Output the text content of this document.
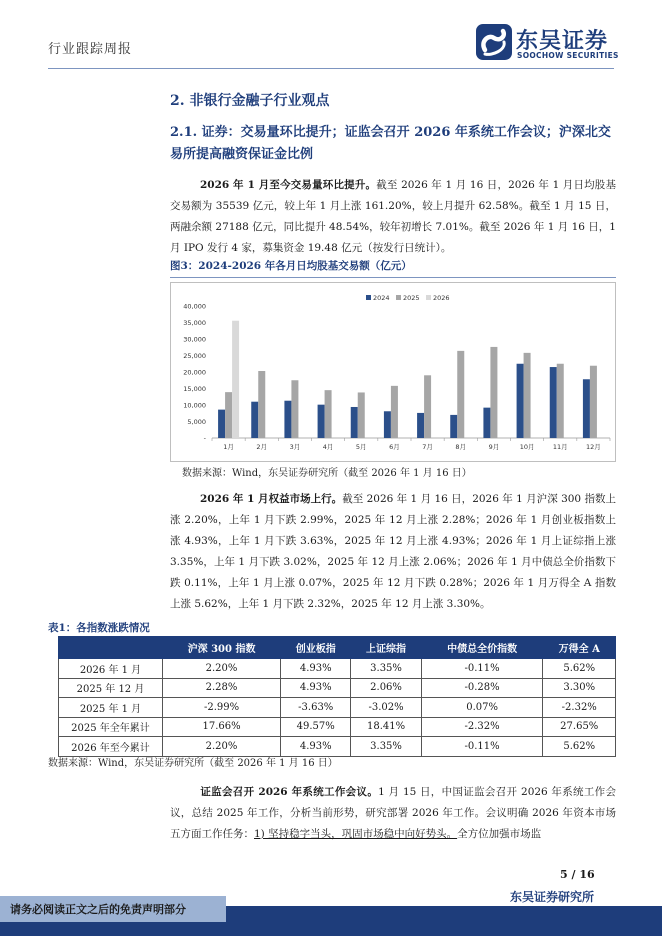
行业跟踪周报	东吴证券
SOOCHOW SECURITIES
2. 非银行金融子行业观点
2.1. 证券：交易量环比提升；证监会召开 2026 年系统工作会议；沪深北交易所提高融资保证金比例
2026 年 1 月至今交易量环比提升。截至 2026 年 1 月 16 日，2026 年 1 月日均股基交易额为 35539 亿元，较上年 1 月上涨 161.20%，较上月提升 62.58%。截至 1 月 15 日，两融余额 27188 亿元，同比提升 48.54%，较年初增长 7.01%。截至 2026 年 1 月 16 日，1 月 IPO 发行 4 家，募集资金 19.48 亿元（按发行日统计）。
图3：2024-2026 年各月日均股基交易额（亿元）
-
5,000
10,000
15,000
20,000
25,000
30,000
35,000
40,000
1月	2月	3月	4月	5月	6月	7月	8月	9月	10月	11月	12月
2024 2025 2026
数据来源：Wind，东吴证券研究所（截至 2026 年 1 月 16 日）
2026 年 1 月权益市场上行。截至 2026 年 1 月 16 日，2026 年 1 月沪深 300 指数上涨 2.20%，上年 1 月下跌 2.99%，2025 年 12 月上涨 2.28%；2026 年 1 月创业板指数上涨 4.93%，上年 1 月下跌 3.63%，2025 年 12 月上涨 4.93%；2026 年 1 月上证综指上涨 3.35%，上年 1 月下跌 3.02%，2025 年 12 月上涨 2.06%；2026 年 1 月中债总全价指数下跌 0.11%，上年 1 月上涨 0.07%，2025 年 12 月下跌 0.28%；2026 年 1 月万得全 A 指数上涨 5.62%，上年 1 月下跌 2.32%，2025 年 12 月上涨 3.30%。
表1：各指数涨跌情况
	沪深 300 指数	创业板指	上证综指	中债总全价指数	万得全 A
2026 年 1 月	2.20%	4.93%	3.35%	-0.11%	5.62%
2025 年 12 月	2.28%	4.93%	2.06%	-0.28%	3.30%
2025 年 1 月	-2.99%	-3.63%	-3.02%	0.07%	-2.32%
2025 年全年累计	17.66%	49.57%	18.41%	-2.32%	27.65%
2026 年至今累计	2.20%	4.93%	3.35%	-0.11%	5.62%
数据来源：Wind，东吴证券研究所（截至 2026 年 1 月 16 日）
证监会召开 2026 年系统工作会议。1 月 15 日，中国证监会召开 2026 年系统工作会议，总结 2025 年工作，分析当前形势，研究部署 2026 年工作。会议明确 2026 年资本市场五方面工作任务：1) 坚持稳字当头，巩固市场稳中向好势头。全方位加强市场监
5 / 16
东吴证券研究所
请务必阅读正文之后的免责声明部分
